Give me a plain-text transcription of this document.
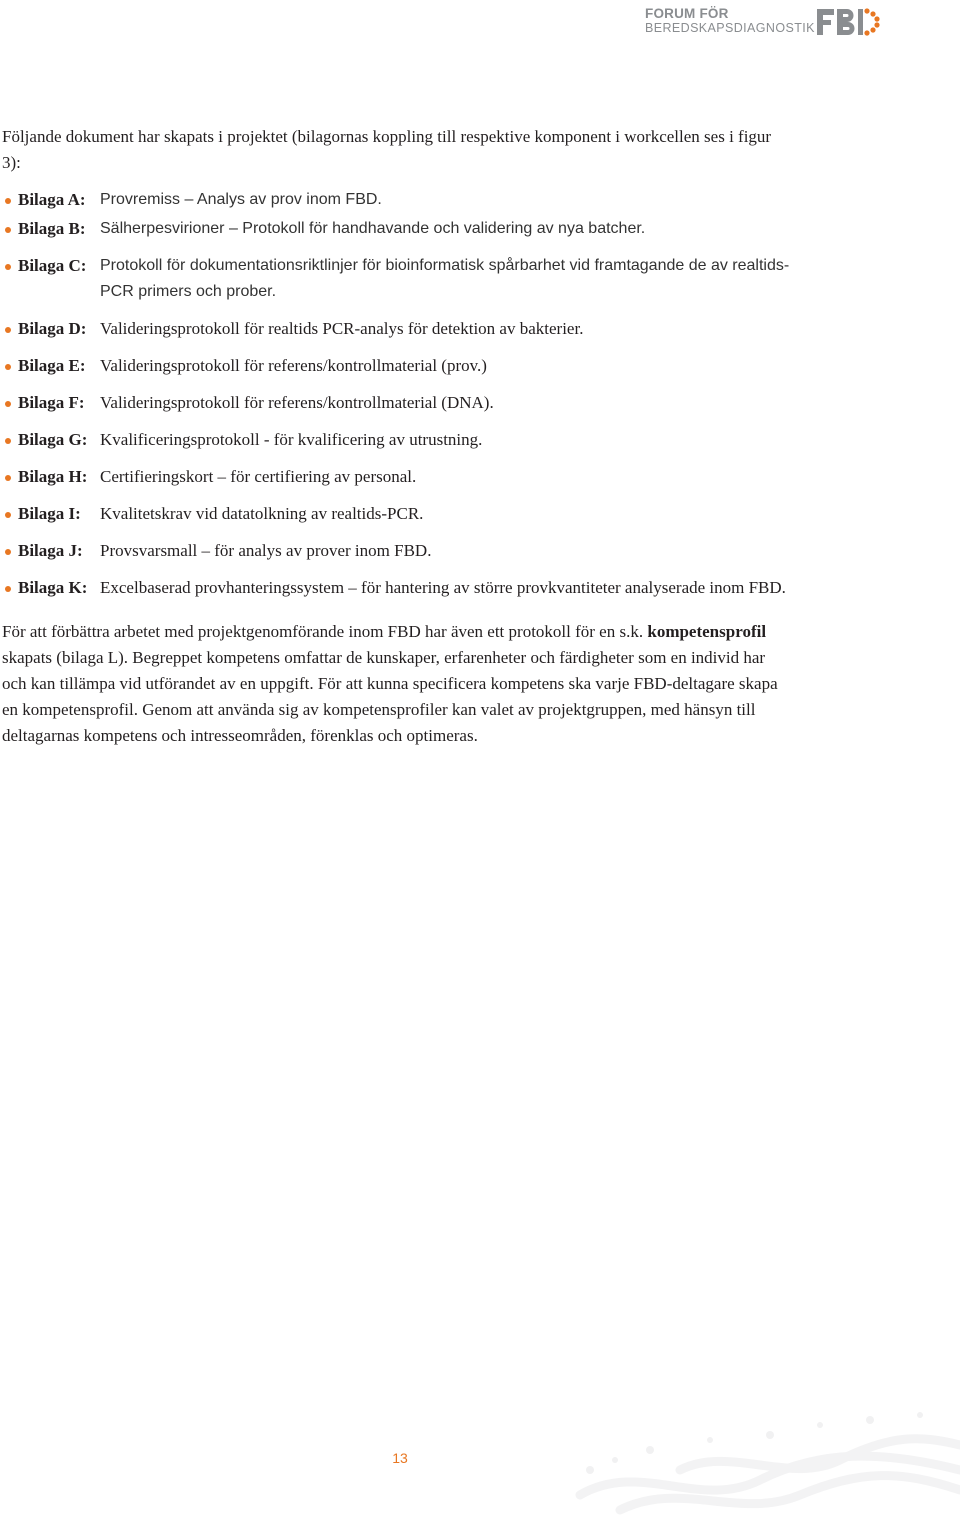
FORUM FÖR
BEREDSKAPSDIAGNOSTIK

Följande dokument har skapats i projektet (bilagornas koppling till respektive komponent i workcellen ses i figur 3):

Bilaga A: Provremiss – Analys av prov inom FBD.
Bilaga B: Sälherpesvirioner – Protokoll för handhavande och validering av nya batcher.
Bilaga C: Protokoll för dokumentationsriktlinjer för bioinformatisk spårbarhet vid framtagande de av realtids-PCR primers och prober.
Bilaga D: Valideringsprotokoll för realtids PCR-analys för detektion av bakterier.
Bilaga E: Valideringsprotokoll för referens/kontrollmaterial (prov.)
Bilaga F: Valideringsprotokoll för referens/kontrollmaterial (DNA).
Bilaga G: Kvalificeringsprotokoll - för kvalificering av utrustning.
Bilaga H: Certifieringskort – för certifiering av personal.
Bilaga I:	Kvalitetskrav vid datatolkning av realtids-PCR.
Bilaga J:	Provsvarsmall – för analys av prover inom FBD.
Bilaga K: Excelbaserad provhanteringssystem – för hantering av större provkvantiteter analyserade inom FBD.

För att förbättra arbetet med projektgenomförande inom FBD har även ett protokoll för en s.k. kompetensprofil skapats (bilaga L). Begreppet kompetens omfattar de kunskaper, erfarenheter och färdigheter som en individ har och kan tillämpa vid utförandet av en uppgift. För att kunna specificera kompetens ska varje FBD-deltagare skapa en kompetensprofil. Genom att använda sig av kompetensprofiler kan valet av projektgruppen, med hänsyn till deltagarnas kompetens och intresseområden, förenklas och optimeras.

13
